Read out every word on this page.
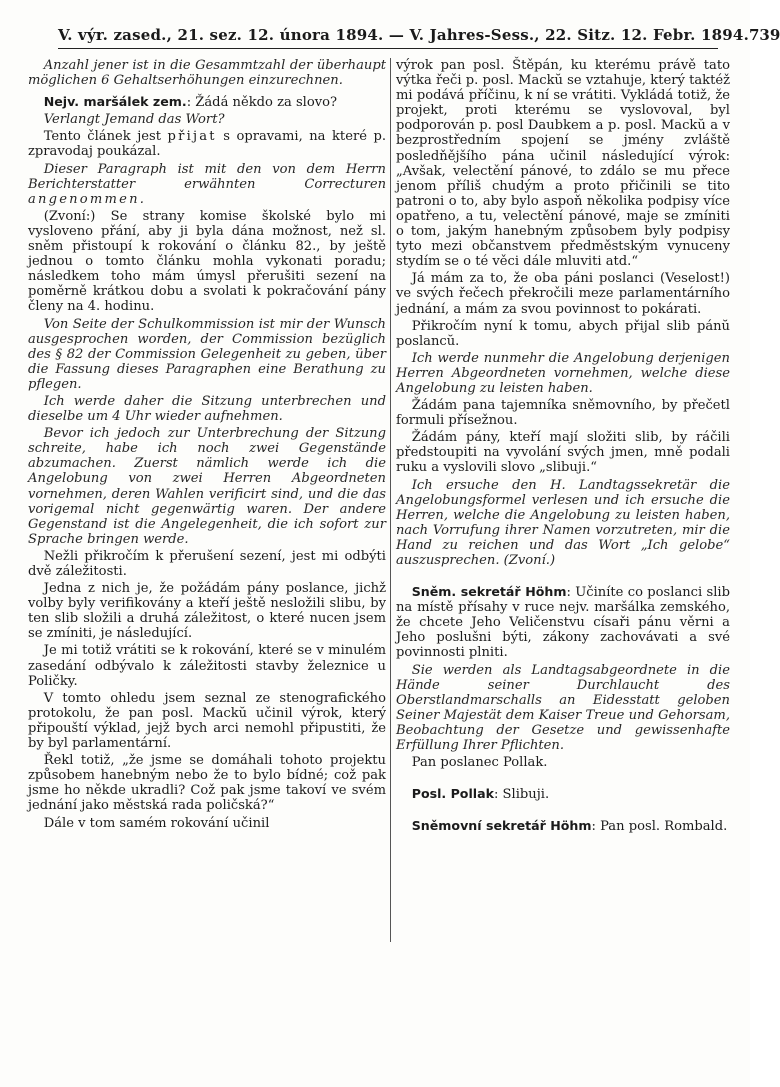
V. výr. zased., 21. sez. 12. února 1894. — V. Jahres-Sess., 22. Sitz. 12. Febr. 1894. 739

Anzahl jener ist in die Gesammtzahl der überhaupt möglichen 6 Gehaltserhöhungen einzurechnen.

Nejv. maršálek zem.: Žádá někdo za slovo?

Verlangt Jemand das Wort?

Tento článek jest přijat s opravami, na které p. zpravodaj poukázal.

Dieser Paragraph ist mit den von dem Herrn Berichterstatter erwähnten Correcturen angenommen.

(Zvoní:) Se strany komise školské bylo mi vysloveno přání, aby ji byla dána možnost, než sl. sněm přistoupí k rokování o článku 82., by ještě jednou o tomto článku mohla vykonati poradu; následkem toho mám úmysl přerušiti sezení na poměrně krátkou dobu a svolati k pokračování pány členy na 4. hodinu.

Von Seite der Schulkommission ist mir der Wunsch ausgesprochen worden, der Commission bezüglich des § 82 der Commission Gelegenheit zu geben, über die Fassung dieses Paragraphen eine Berathung zu pflegen.

Ich werde daher die Sitzung unterbrechen und dieselbe um 4 Uhr wieder aufnehmen.

Bevor ich jedoch zur Unterbrechung der Sitzung schreite, habe ich noch zwei Gegenstände abzumachen. Zuerst nämlich werde ich die Angelobung von zwei Herren Abgeordneten vornehmen, deren Wahlen verificirt sind, und die das vorigemal nicht gegenwärtig waren. Der andere Gegenstand ist die Angelegenheit, die ich sofort zur Sprache bringen werde.

Nežli přikročím k přerušení sezení, jest mi odbýti dvě záležitosti.

Jedna z nich je, že požádám pány poslance, jichž volby byly verifikovány a kteří ještě nesložili slibu, by ten slib složili a druhá záležitost, o které nucen jsem se zmíniti, je následující.

Je mi totiž vrátiti se k rokování, které se v minulém zasedání odbývalo k záležitosti stavby železnice u Poličky.

V tomto ohledu jsem seznal ze stenografického protokolu, že pan posl. Mackŭ učinil výrok, který připouští výklad, jejž bych arci nemohl připustiti, že by byl parlamentární.

Řekl totiž, „že jsme se domáhali tohoto projektu způsobem hanebným nebo že to bylo bídné; což pak jsme ho někde ukradli? Což pak jsme takoví ve svém jednání jako městská rada poličská?“

Dále v tom samém rokování učinil

výrok pan posl. Štěpán, ku kterému právě tato výtka řeči p. posl. Mackŭ se vztahuje, který taktéž mi podává příčinu, k ní se vrátiti. Vykládá totiž, že projekt, proti kterému se vyslovoval, byl podporován p. posl Daubkem a p. posl. Mackŭ a v bezprostředním spojení se jmény zvláště posledňějšího pána učinil následující výrok: „Avšak, velectění pánové, to zdálo se mu přece jenom příliš chudým a proto přičinili se tito patroni o to, aby bylo aspoň několika podpisy více opatřeno, a tu, velectění pánové, maje se zmíniti o tom, jakým hanebným způsobem byly podpisy tyto mezi občanstvem předměstským vynuceny stydím se o té věci dále mluviti atd.“

Já mám za to, že oba páni poslanci (Veselost!) ve svých řečech překročili meze parlamentárního jednání, a mám za svou povinnost to pokárati.

Přikročím nyní k tomu, abych přijal slib pánŭ poslancŭ.

Ich werde nunmehr die Angelobung derjenigen Herren Abgeordneten vornehmen, welche diese Angelobung zu leisten haben.

Žádám pana tajemníka sněmovního, by přečetl formuli přísežnou.

Žádám pány, kteří mají složiti slib, by ráčili předstoupiti na vyvolání svých jmen, mně podali ruku a vyslovili slovo „slibuji.“

Ich ersuche den H. Landtagssekretär die Angelobungsformel verlesen und ich ersuche die Herren, welche die Angelobung zu leisten haben, nach Vorrufung ihrer Namen vorzutreten, mir die Hand zu reichen und das Wort „Ich gelobe“ auszusprechen. (Zvoní.)

Sněm. sekretář Höhm: Učiníte co poslanci slib na místě přísahy v ruce nejv. maršálka zemského, že chcete Jeho Veličenstvu císaři pánu věrni a Jeho poslušni býti, zákony zachovávati a své povinnosti plniti.

Sie werden als Landtagsabgeordnete in die Hände seiner Durchlaucht des Oberstlandmarschalls an Eidesstatt geloben Seiner Majestät dem Kaiser Treue und Gehorsam, Beobachtung der Gesetze und gewissenhafte Erfüllung Ihrer Pflichten.

Pan poslanec Pollak.

Posl. Pollak: Slibuji.

Sněmovní sekretář Höhm: Pan posl. Rombald.
